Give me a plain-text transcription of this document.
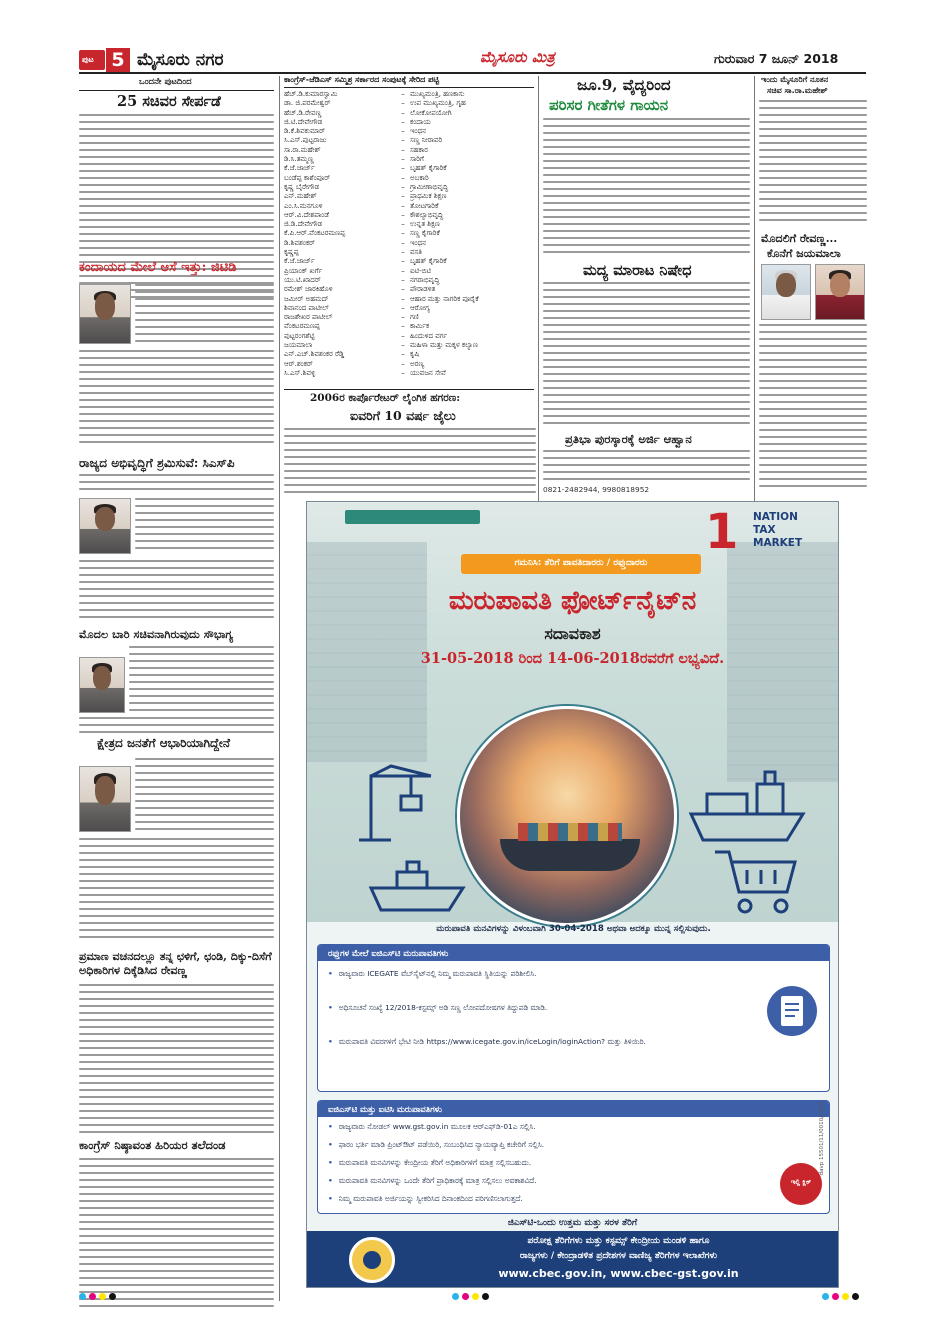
ಪುಟ 5 ಮೈಸೂರು ನಗರ	ಮೈಸೂರು ಮಿತ್ರ	ಗುರುವಾರ 7 ಜೂನ್ 2018
ಒಂದನೇ ಪುಟದಿಂದ
25 ಸಚಿವರ ಸೇರ್ಪಡೆ
ಕಂದಾಯದ ಮೇಲೆ ಆಸೆ ಇತ್ತು: ಜಿಟಿಡಿ
ರಾಜ್ಯದ ಅಭಿವೃದ್ಧಿಗೆ ಶ್ರಮಿಸುವೆ: ಸಿಎಸ್‌ಪಿ
ಮೊದಲ ಬಾರಿ ಸಚಿವನಾಗಿರುವುದು ಸೌಭಾಗ್ಯ
ಕ್ಷೇತ್ರದ ಜನತೆಗೆ ಆಭಾರಿಯಾಗಿದ್ದೇನೆ
ಪ್ರಮಾಣ ವಚನದಲ್ಲೂ ತನ್ನ ಛಳಿಗೆ, ಛಂಡಿ, ದಿಕ್ಕು-ದಿಸೆಗೆ ಅಧಿಕಾರಿಗಳ ದಿಕ್ಕೆಡಿಸಿದ ರೇವಣ್ಣ
ಕಾಂಗ್ರೆಸ್ ನಿಷ್ಠಾವಂತ ಹಿರಿಯರ ತಲೆದಂಡ
ಕಾಂಗ್ರೆಸ್-ಜೆಡಿಎಸ್ ಸಮ್ಮಿಶ್ರ ಸರ್ಕಾರದ ಸಂಪುಟಕ್ಕೆ ಸೇರಿದ ಪಟ್ಟಿ
ಹೆಚ್.ಡಿ.ಕುಮಾರಸ್ವಾಮಿ	– ಮುಖ್ಯಮಂತ್ರಿ, ಹಣಕಾಸು
ಡಾ. ಜಿ.ಪರಮೇಶ್ವರ್	– ಉಪ ಮುಖ್ಯಮಂತ್ರಿ, ಗೃಹ
ಹೆಚ್.ಡಿ.ರೇವಣ್ಣ	– ಲೋಕೋಪಯೋಗಿ
ಜಿ.ಟಿ.ದೇವೇಗೌಡ	– ಕಂದಾಯ
ಡಿ.ಕೆ.ಶಿವಕುಮಾರ್	– ಇಂಧನ
ಸಿ.ಎಸ್.ಪುಟ್ಟರಾಜು	– ಸಣ್ಣ ನೀರಾವರಿ
ಸಾ.ರಾ.ಮಹೇಶ್	– ಸಹಕಾರ
ಡಿ.ಸಿ.ತಮ್ಮಣ್ಣ	– ಸಾರಿಗೆ
ಕೆ.ಜೆ.ಜಾರ್ಜ್	– ಬೃಹತ್ ಕೈಗಾರಿಕೆ
ಬಂಡೆಪ್ಪ ಕಾಶೆಂಪೂರ್	– ಅಬಕಾರಿ
ಕೃಷ್ಣ ಬೈರೇಗೌಡ	– ಗ್ರಾಮೀಣಾಭಿವೃದ್ಧಿ
ಎನ್.ಮಹೇಶ್	– ಪ್ರಾಥಮಿಕ ಶಿಕ್ಷಣ
ಎಂ.ಸಿ.ಮನಗೂಳಿ	– ತೋಟಗಾರಿಕೆ
ಆರ್.ವಿ.ದೇಶಪಾಂಡೆ	– ಕೌಶಲ್ಯಾಭಿವೃದ್ಧಿ
ಜಿ.ಡಿ.ದೇವೇಗೌಡ	– ಉನ್ನತ ಶಿಕ್ಷಣ
ಕೆ.ಪಿ.ಆರ್.ವೆಂಕಟರಮಣಪ್ಪ	– ಸಣ್ಣ ಕೈಗಾರಿಕೆ
ಡಿ.ಶಿವಶಂಕರ್	– ಇಂಧನ
ಕೃಷ್ಣಪ್ಪ	– ವಸತಿ
ಕೆ.ಜೆ.ಜಾರ್ಜ್	– ಬೃಹತ್ ಕೈಗಾರಿಕೆ
ಪ್ರಿಯಾಂಕ್ ಖರ್ಗೆ	– ಐಟಿ-ಬಿಟಿ
ಯು.ಟಿ.ಖಾದರ್	– ನಗರಾಭಿವೃದ್ಧಿ
ರಮೇಶ್ ಜಾರಕಿಹೊಳಿ	– ಪೌರಾಡಳಿತ
ಜಮೀರ್ ಅಹಮದ್	– ಆಹಾರ ಮತ್ತು ನಾಗರಿಕ ಪೂರೈಕೆ
ಶಿವಾನಂದ ಪಾಟೀಲ್	– ಆರೋಗ್ಯ
ರಾಜಶೇಖರ ಪಾಟೀಲ್	– ಗಣಿ
ವೆಂಕಟರಮಣಪ್ಪ	– ಕಾರ್ಮಿಕ
ಪುಟ್ಟರಂಗಶೆಟ್ಟಿ	– ಹಿಂದುಳಿದ ವರ್ಗ
ಜಯಮಾಲಾ	– ಮಹಿಳಾ ಮತ್ತು ಮಕ್ಕಳ ಕಲ್ಯಾಣ
ಎನ್.ಎಚ್.ಶಿವಶಂಕರ ರೆಡ್ಡಿ	– ಕೃಷಿ
ಆರ್.ಶಂಕರ್	– ಅರಣ್ಯ
ಸಿ.ಎಸ್.ಶಿವಳ್ಳಿ	– ಯುವಜನ ಸೇವೆ
2006ರ ಕಾರ್ಪೊರೇಟರ್ ಲೈಂಗಿಕ ಹಗರಣ:
ಐವರಿಗೆ 10 ವರ್ಷ ಜೈಲು
ಜೂ.9, ವೈದ್ಯರಿಂದ
ಪರಿಸರ ಗೀತೆಗಳ ಗಾಯನ
ಮದ್ಯ ಮಾರಾಟ ನಿಷೇಧ
ಪ್ರತಿಭಾ ಪುರಸ್ಕಾರಕ್ಕೆ ಅರ್ಜಿ ಆಹ್ವಾನ
0821-2482944, 9980818952
ಇಂದು ಮೈಸೂರಿಗೆ ನೂತನ
ಸಚಿವ ಸಾ.ರಾ.ಮಹೇಶ್
ಮೊದಲಿಗೆ ರೇವಣ್ಣ...
ಕೊನೆಗೆ ಜಯಮಾಲಾ
1 NATION
TAX
MARKET
ಗಮನಿಸಿ: ತೆರಿಗೆ ಪಾವತಿದಾರರು / ರಫ್ತುದಾರರು
ಮರುಪಾವತಿ ಫೋರ್ಟ್‌ನೈಟ್‌ನ
ಸದಾವಕಾಶ
31-05-2018 ರಿಂದ 14-06-2018ರವರೆಗೆ ಲಭ್ಯವಿದೆ.
ಮರುಪಾವತಿ ಮನವಿಗಳನ್ನು ವಿಳಂಬವಾಗಿ 30-04-2018 ಅಥವಾ ಅದಕ್ಕೂ ಮುನ್ನ ಸಲ್ಲಿಸುವುದು.
ರಫ್ತುಗಳ ಮೇಲೆ ಐಜಿಎಸ್‌ಟಿ ಮರುಪಾವತಿಗಳು
• ರಾಜ್ಯವಾರು ICEGATE ವೆಬ್‌ಸೈಟ್‌ನಲ್ಲಿ ನಿಮ್ಮ ಮರುಪಾವತಿ ಸ್ಥಿತಿಯನ್ನು ಪರಿಶೀಲಿಸಿ.
• ಅಧಿಸೂಚನೆ ಸಂಖ್ಯೆ 12/2018-ಕಸ್ಟಮ್ಸ್ ಅಡಿ ಸಣ್ಣ ಲೋಪದೋಷಗಳ ತಿದ್ದುಪಡಿ ಮಾಡಿ.
• ಮರುಪಾವತಿ ವಿವರಗಳಿಗೆ ಭೇಟಿ ನೀಡಿ https://www.icegate.gov.in/iceLogin/loginAction? ಮತ್ತು ತಿಳಿಯಿರಿ.
ಐಜಿಎಸ್‌ಟಿ ಮತ್ತು ಐಟಿಸಿ ಮರುಪಾವತಿಗಳು
• ರಾಜ್ಯವಾರು ನೋಡಲ್ www.gst.gov.in ಮೂಲಕ ಆರ್‌ಎಫ್‌ಡಿ-01ಎ ಸಲ್ಲಿಸಿ.
• ಫಾರಂ ಭರ್ತಿ ಮಾಡಿ ಪ್ರಿಂಟ್‌ಔಟ್ ಪಡೆಯಿರಿ, ಸಂಬಂಧಿಸಿದ ನ್ಯಾಯವ್ಯಾಪ್ತಿ ಕಚೇರಿಗೆ ಸಲ್ಲಿಸಿ.
• ಮರುಪಾವತಿ ಮನವಿಗಳನ್ನು ಕೇಂದ್ರೀಯ ತೆರಿಗೆ ಅಧಿಕಾರಿಗಳಿಗೆ ಮಾತ್ರ ಸಲ್ಲಿಸಬಹುದು.
• ಮರುಪಾವತಿ ಮನವಿಗಳನ್ನು ಒಂದೇ ತೆರಿಗೆ ಪ್ರಾಧಿಕಾರಕ್ಕೆ ಮಾತ್ರ ಸಲ್ಲಿಸಲು ಅವಕಾಶವಿದೆ.
• ನಿಮ್ಮ ಮರುಪಾವತಿ ಅರ್ಜಿಯನ್ನು ಸ್ವೀಕರಿಸಿದ ದಿನಾಂಕದಿಂದ ಪರಿಗಣಿಸಲಾಗುತ್ತದೆ.
ಇಲ್ಲಿ ಕ್ಲಿಕ್
davp 15501/11/0010/1819
ಜಿಎಸ್‌ಟಿ-ಒಂದು ಉತ್ತಮ ಮತ್ತು ಸರಳ ತೆರಿಗೆ
ಪರೋಕ್ಷ ತೆರಿಗೆಗಳು ಮತ್ತು ಕಸ್ಟಮ್ಸ್ ಕೇಂದ್ರೀಯ ಮಂಡಳಿ ಹಾಗೂ
ರಾಜ್ಯಗಳು / ಕೇಂದ್ರಾಡಳಿತ ಪ್ರದೇಶಗಳ ವಾಣಿಜ್ಯ ತೆರಿಗೆಗಳ ಇಲಾಖೆಗಳು
www.cbec.gov.in, www.cbec-gst.gov.in
